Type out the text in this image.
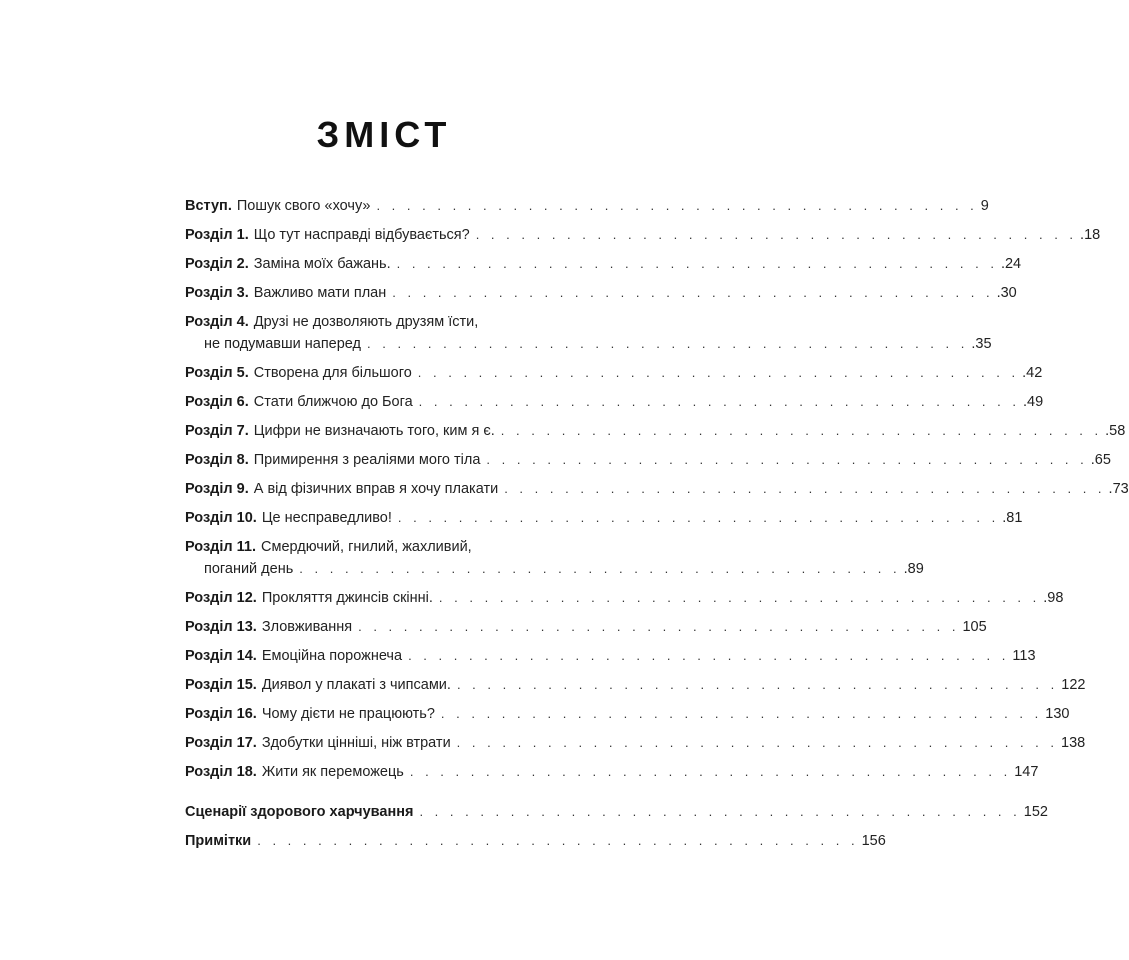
ЗМІСТ
Вступ. Пошук свого «хочу» . . . . . . . . . . . . . . . . . . . . . . . . . . . . . . . . . . . . . . . . 9
Розділ 1. Що тут насправді відбувається? . . . . . . . . . . . . . . . . . . . . . . . . . . . . . . . . . . . . . . . . .18
Розділ 2. Заміна моїх бажань. . . . . . . . . . . . . . . . . . . . . . . . . . . . . . . . . . . . . . . . . .24
Розділ 3. Важливо мати план . . . . . . . . . . . . . . . . . . . . . . . . . . . . . . . . . . . . . . . . .30
Розділ 4. Друзі не дозволяють друзям їсти,
не подумавши наперед . . . . . . . . . . . . . . . . . . . . . . . . . . . . . . . . . . . . . . . . .35
Розділ 5. Створена для більшого . . . . . . . . . . . . . . . . . . . . . . . . . . . . . . . . . . . . . . . . .42
Розділ 6. Стати ближчою до Бога . . . . . . . . . . . . . . . . . . . . . . . . . . . . . . . . . . . . . . . . .49
Розділ 7. Цифри не визначають того, ким я є. . . . . . . . . . . . . . . . . . . . . . . . . . . . . . . . . . . . . . . . . .58
Розділ 8. Примирення з реаліями мого тіла . . . . . . . . . . . . . . . . . . . . . . . . . . . . . . . . . . . . . . . . .65
Розділ 9. А від фізичних вправ я хочу плакати . . . . . . . . . . . . . . . . . . . . . . . . . . . . . . . . . . . . . . . . .73
Розділ 10. Це несправедливо! . . . . . . . . . . . . . . . . . . . . . . . . . . . . . . . . . . . . . . . . .81
Розділ 11. Смердючий, гнилий, жахливий,
поганий день . . . . . . . . . . . . . . . . . . . . . . . . . . . . . . . . . . . . . . . . .89
Розділ 12. Прокляття джинсів скінні. . . . . . . . . . . . . . . . . . . . . . . . . . . . . . . . . . . . . . . . . .98
Розділ 13. Зловживання . . . . . . . . . . . . . . . . . . . . . . . . . . . . . . . . . . . . . . . . 105
Розділ 14. Емоційна порожнеча . . . . . . . . . . . . . . . . . . . . . . . . . . . . . . . . . . . . . . . . 113
Розділ 15. Диявол у плакаті з чипсами. . . . . . . . . . . . . . . . . . . . . . . . . . . . . . . . . . . . . . . . . 122
Розділ 16. Чому дієти не працюють? . . . . . . . . . . . . . . . . . . . . . . . . . . . . . . . . . . . . . . . . 130
Розділ 17. Здобутки цінніші, ніж втрати . . . . . . . . . . . . . . . . . . . . . . . . . . . . . . . . . . . . . . . . 138
Розділ 18. Жити як переможець . . . . . . . . . . . . . . . . . . . . . . . . . . . . . . . . . . . . . . . . 147
Сценарії здорового харчування . . . . . . . . . . . . . . . . . . . . . . . . . . . . . . . . . . . . . . . . 152
Примітки . . . . . . . . . . . . . . . . . . . . . . . . . . . . . . . . . . . . . . . . 156
